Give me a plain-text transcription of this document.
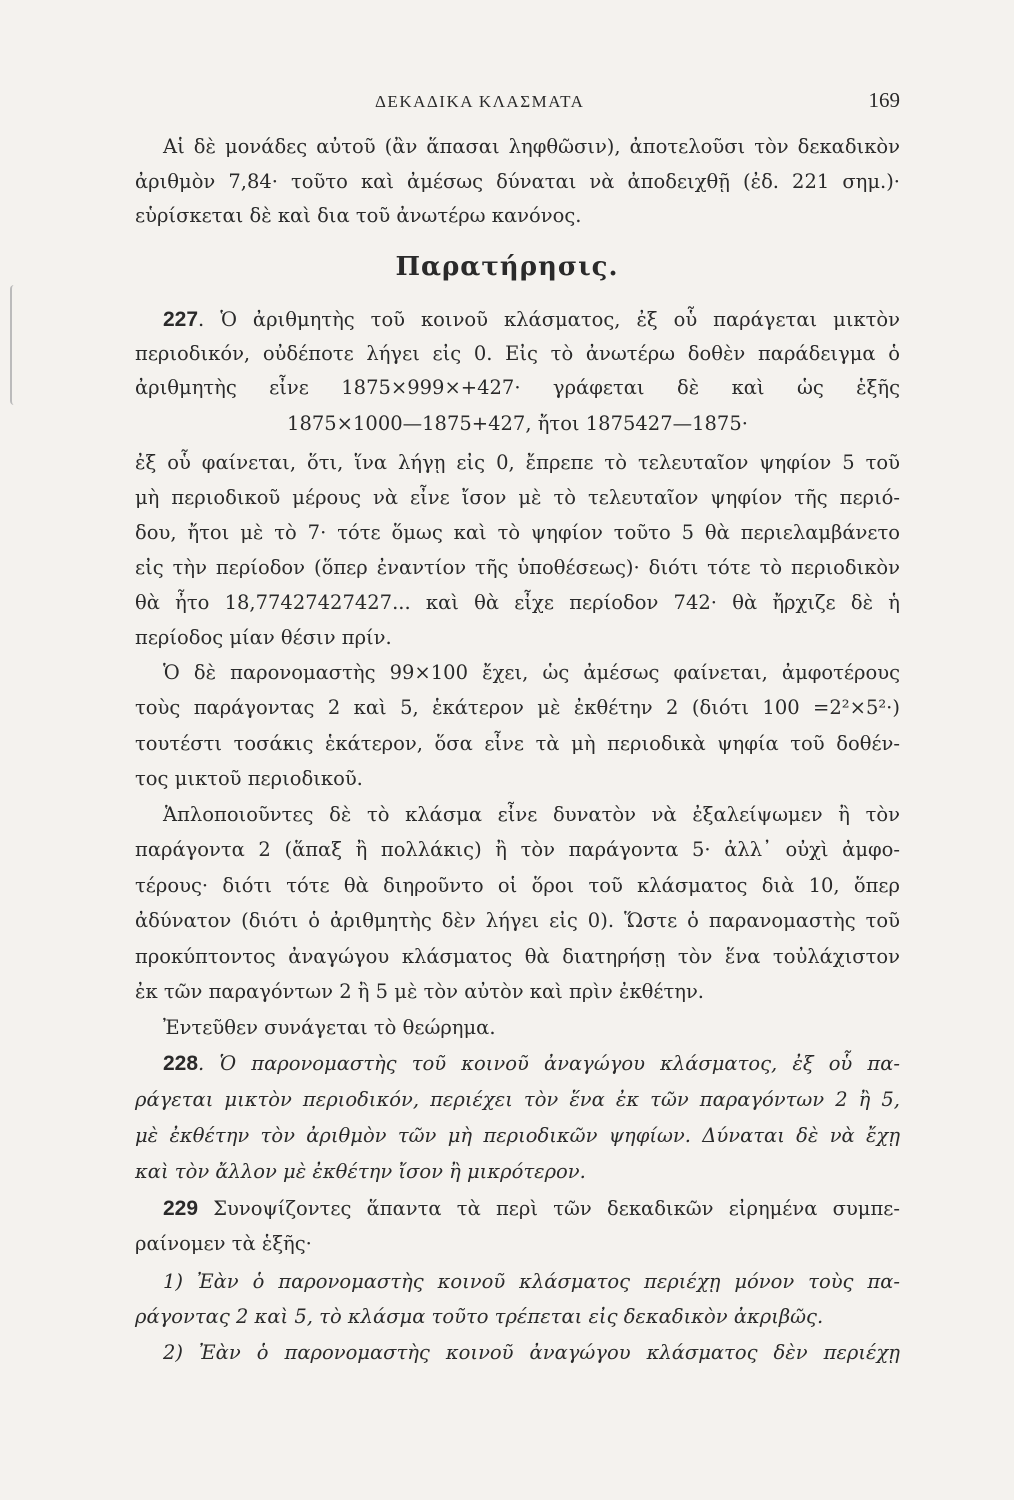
ΔΕΚΑΔΙΚΑ ΚΛΑΣΜΑΤΑ	169
Αἱ δὲ μονάδες αὐτοῦ (ἂν ἅπασαι ληφθῶσιν), ἀποτελοῦσι τὸν δεκαδικὸν
ἀριθμὸν 7,84· τοῦτο καὶ ἀμέσως δύναται νὰ ἀποδειχθῇ (ἐδ. 221 σημ.)·
εὑρίσκεται δὲ καὶ δια τοῦ ἀνωτέρω κανόνος.
Παρατήρησις.
227. Ὁ ἀριθμητὴς τοῦ κοινοῦ κλάσματος, ἐξ οὗ παράγεται μικτὸν
περιοδικόν, οὐδέποτε λήγει εἰς 0. Εἰς τὸ ἀνωτέρω δοθὲν παράδειγμα ὁ
ἀριθμητὴς εἶνε 1875×999×+427· γράφεται δὲ καὶ ὡς ἑξῆς
1875×1000—1875+427, ἤτοι 1875427—1875·
ἐξ οὗ φαίνεται, ὅτι, ἵνα λήγῃ εἰς 0, ἔπρεπε τὸ τελευταῖον ψηφίον 5 τοῦ
μὴ περιοδικοῦ μέρους νὰ εἶνε ἴσον μὲ τὸ τελευταῖον ψηφίον τῆς περιό-
δου, ἤτοι μὲ τὸ 7· τότε ὅμως καὶ τὸ ψηφίον τοῦτο 5 θὰ περιελαμβάνετο
εἰς τὴν περίοδον (ὅπερ ἐναντίον τῆς ὑποθέσεως)· διότι τότε τὸ περιοδικὸν
θὰ ἦτο 18,77427427427... καὶ θὰ εἶχε περίοδον 742· θὰ ἤρχιζε δὲ ἡ
περίοδος μίαν θέσιν πρίν.
Ὁ δὲ παρονομαστὴς 99×100 ἔχει, ὡς ἀμέσως φαίνεται, ἀμφοτέρους
τοὺς παράγοντας 2 καὶ 5, ἑκάτερον μὲ ἐκθέτην 2 (διότι 100 =2²×5²·)
τουτέστι τοσάκις ἑκάτερον, ὅσα εἶνε τὰ μὴ περιοδικὰ ψηφία τοῦ δοθέν-
τος μικτοῦ περιοδικοῦ.
Ἁπλοποιοῦντες δὲ τὸ κλάσμα εἶνε δυνατὸν νὰ ἐξαλείψωμεν ἢ τὸν
παράγοντα 2 (ἅπαξ ἢ πολλάκις) ἢ τὸν παράγοντα 5· ἀλλ᾿ οὐχὶ ἀμφο-
τέρους· διότι τότε θὰ διηροῦντο οἱ ὅροι τοῦ κλάσματος διὰ 10, ὅπερ
ἀδύνατον (διότι ὁ ἀριθμητὴς δὲν λήγει εἰς 0). Ὥστε ὁ παρανομαστὴς τοῦ
προκύπτοντος ἀναγώγου κλάσματος θὰ διατηρήσῃ τὸν ἕνα τοὐλάχιστον
ἐκ τῶν παραγόντων 2 ἢ 5 μὲ τὸν αὐτὸν καὶ πρὶν ἐκθέτην.
Ἐντεῦθεν συνάγεται τὸ θεώρημα.
228. Ὁ παρονομαστὴς τοῦ κοινοῦ ἀναγώγου κλάσματος, ἐξ οὗ πα-
ράγεται μικτὸν περιοδικόν, περιέχει τὸν ἕνα ἐκ τῶν παραγόντων 2 ἢ 5,
μὲ ἐκθέτην τὸν ἀριθμὸν τῶν μὴ περιοδικῶν ψηφίων. Δύναται δὲ νὰ ἔχῃ
καὶ τὸν ἄλλον μὲ ἐκθέτην ἴσον ἢ μικρότερον.
229 Συνοψίζοντες ἅπαντα τὰ περὶ τῶν δεκαδικῶν εἰρημένα συμπε-
ραίνομεν τὰ ἑξῆς·
1) Ἐὰν ὁ παρονομαστὴς κοινοῦ κλάσματος περιέχῃ μόνον τοὺς πα-
ράγοντας 2 καὶ 5, τὸ κλάσμα τοῦτο τρέπεται εἰς δεκαδικὸν ἀκριβῶς.
2) Ἐὰν ὁ παρονομαστὴς κοινοῦ ἀναγώγου κλάσματος δὲν περιέχῃ
